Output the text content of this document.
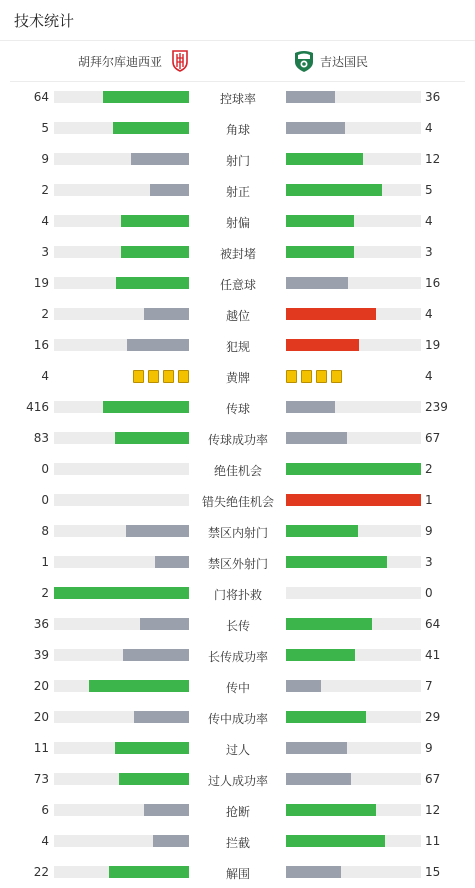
技术统计
胡拜尔库迪西亚	吉达国民
64	控球率	36
5	角球	4
9	射门	12
2	射正	5
4	射偏	4
3	被封堵	3
19	任意球	16
2	越位	4
16	犯规	19
4	黄牌	4
416	传球	239
83	传球成功率	67
0	绝佳机会	2
0	错失绝佳机会	1
8	禁区内射门	9
1	禁区外射门	3
2	门将扑救	0
36	长传	64
39	长传成功率	41
20	传中	7
20	传中成功率	29
11	过人	9
73	过人成功率	67
6	抢断	12
4	拦截	11
22	解围	15
